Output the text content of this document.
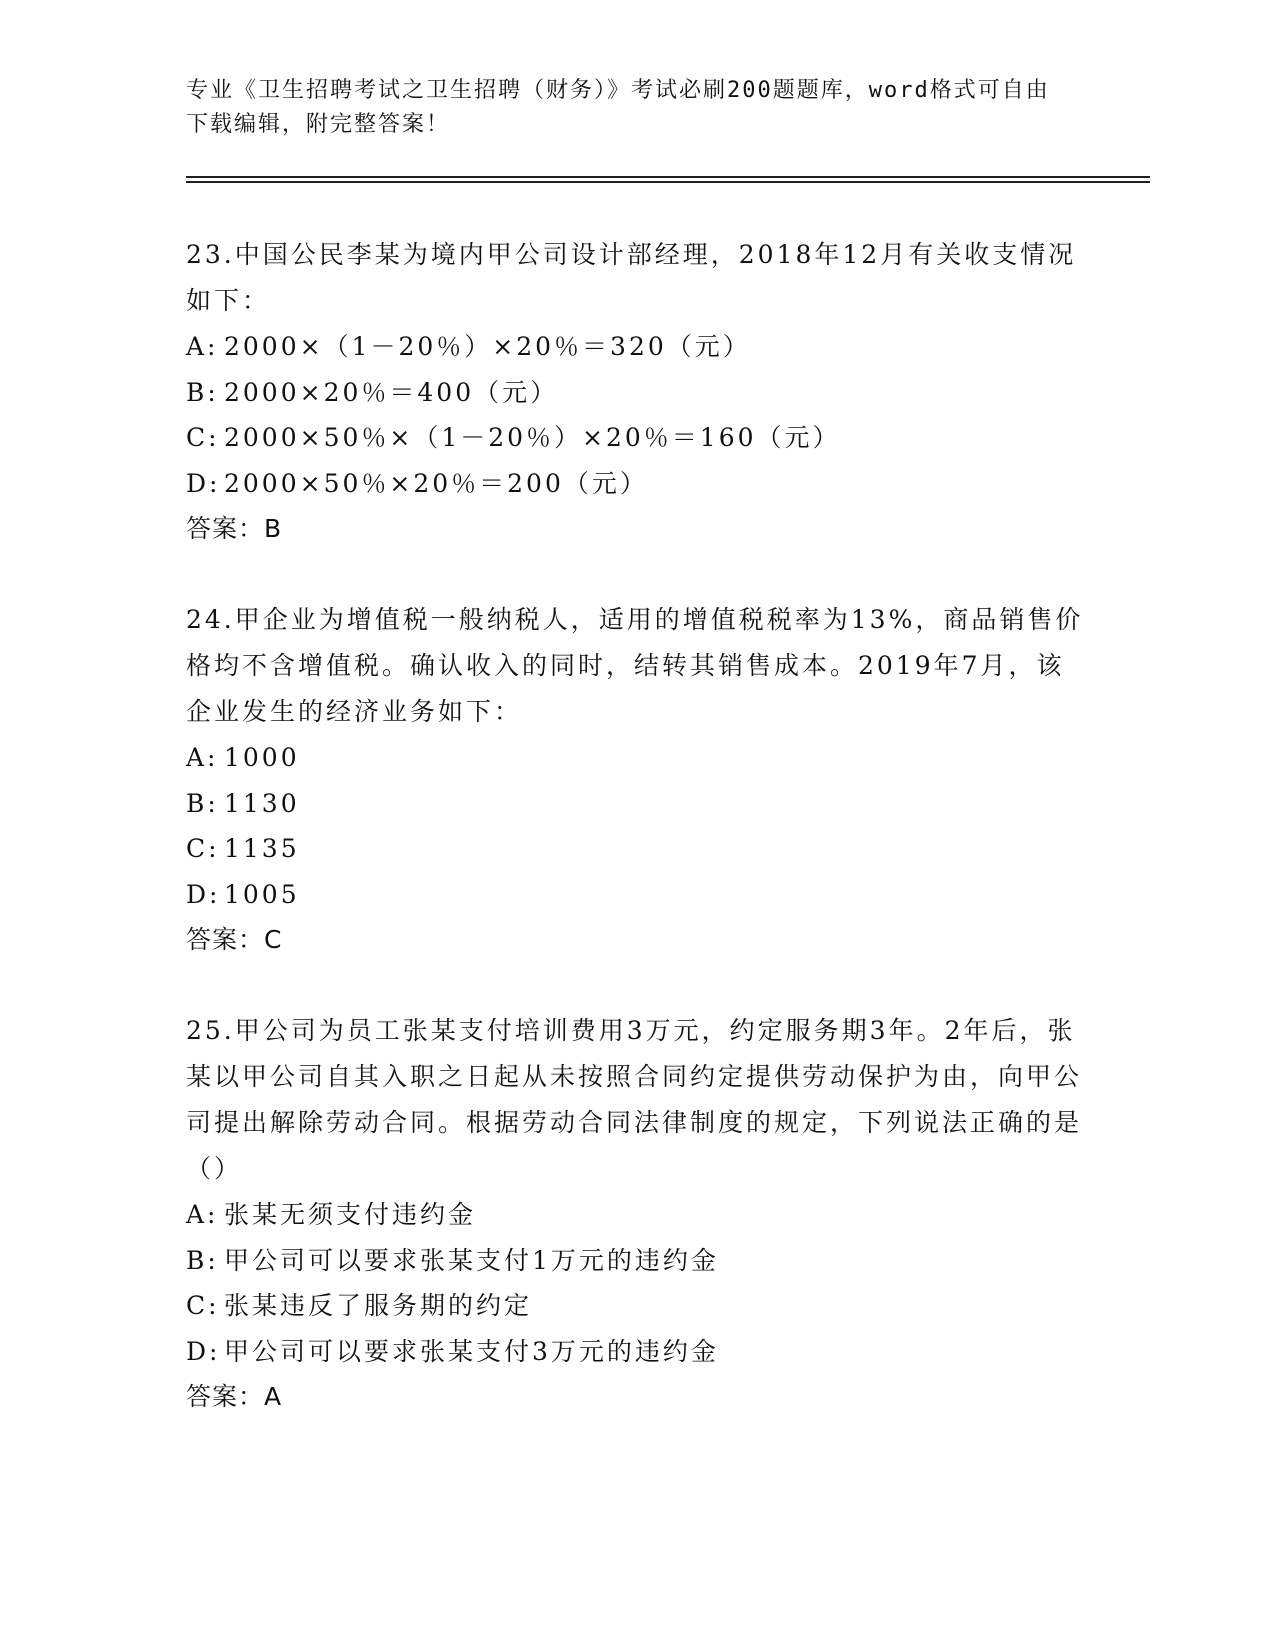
专业《卫生招聘考试之卫生招聘（财务）》考试必刷200题题库，word格式可自由下载编辑，附完整答案！
23.中国公民李某为境内甲公司设计部经理，2018年12月有关收支情况如下：
A: 2000×（1－20％）×20％＝320（元）
B: 2000×20％＝400（元）
C: 2000×50％×（1－20％）×20％＝160（元）
D: 2000×50％×20％＝200（元）
答案：B
24.甲企业为增值税一般纳税人，适用的增值税税率为13%，商品销售价格均不含增值税。确认收入的同时，结转其销售成本。2019年7月，该企业发生的经济业务如下：
A: 1000
B: 1130
C: 1135
D: 1005
答案：C
25.甲公司为员工张某支付培训费用3万元，约定服务期3年。2年后，张某以甲公司自其入职之日起从未按照合同约定提供劳动保护为由，向甲公司提出解除劳动合同。根据劳动合同法律制度的规定，下列说法正确的是（）
A: 张某无须支付违约金
B: 甲公司可以要求张某支付1万元的违约金
C: 张某违反了服务期的约定
D: 甲公司可以要求张某支付3万元的违约金
答案：A
